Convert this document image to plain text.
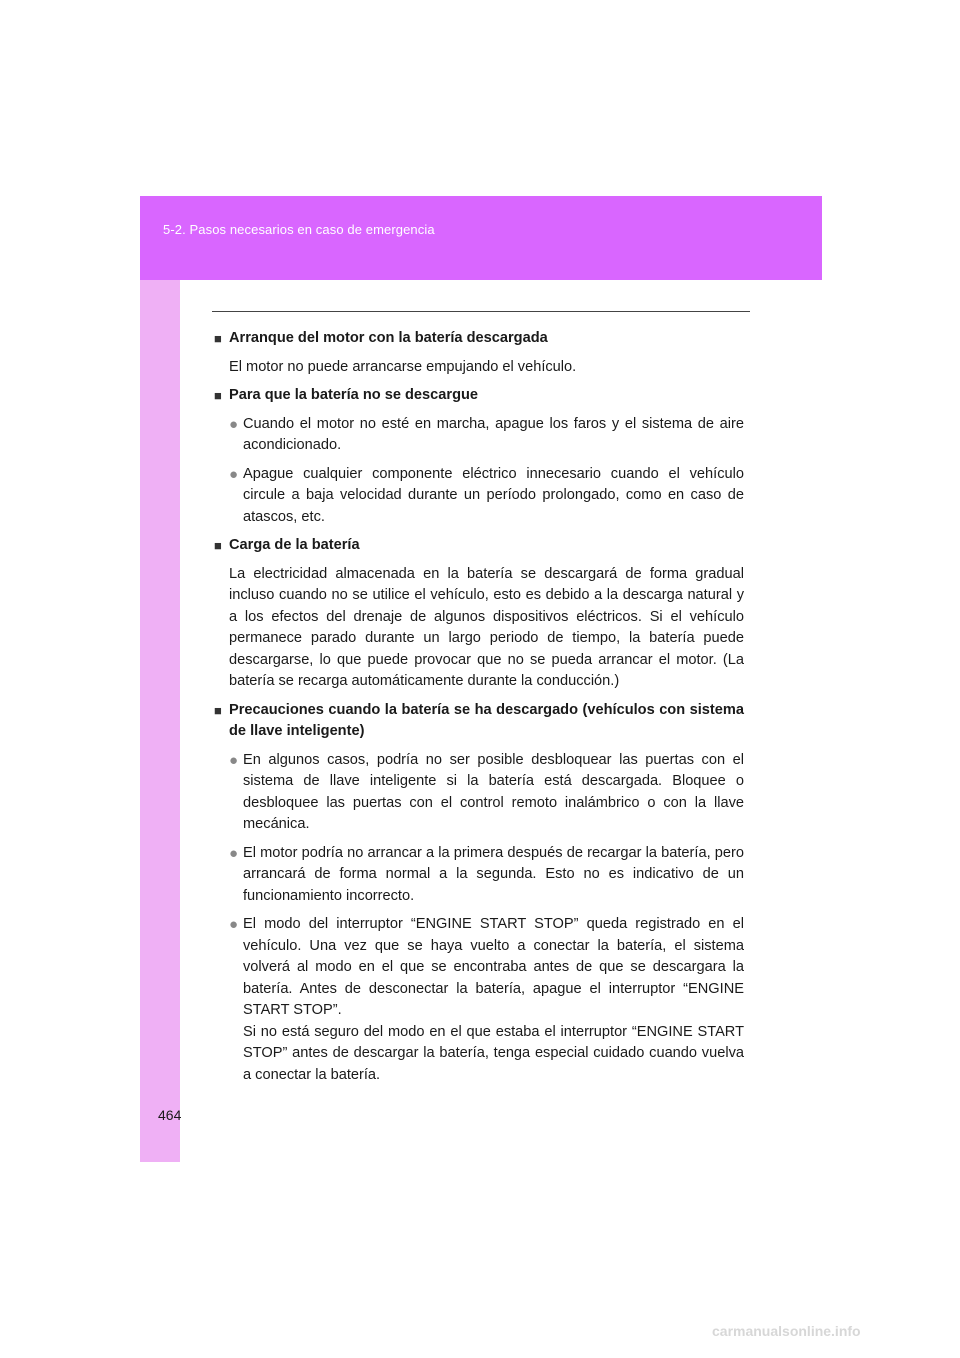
5-2. Pasos necesarios en caso de emergencia
■ Arranque del motor con la batería descargada
El motor no puede arrancarse empujando el vehículo.
■ Para que la batería no se descargue
● Cuando el motor no esté en marcha, apague los faros y el sistema de aire acondicionado.
● Apague cualquier componente eléctrico innecesario cuando el vehículo circule a baja velocidad durante un período prolongado, como en caso de atascos, etc.
■ Carga de la batería
La electricidad almacenada en la batería se descargará de forma gradual incluso cuando no se utilice el vehículo, esto es debido a la descarga natural y a los efectos del drenaje de algunos dispositivos eléctricos. Si el vehículo permanece parado durante un largo periodo de tiempo, la batería puede descargarse, lo que puede provocar que no se pueda arrancar el motor. (La batería se recarga automáticamente durante la conducción.)
■ Precauciones cuando la batería se ha descargado (vehículos con sistema de llave inteligente)
● En algunos casos, podría no ser posible desbloquear las puertas con el sistema de llave inteligente si la batería está descargada. Bloquee o desbloquee las puertas con el control remoto inalámbrico o con la llave mecánica.
● El motor podría no arrancar a la primera después de recargar la batería, pero arrancará de forma normal a la segunda. Esto no es indicativo de un funcionamiento incorrecto.
● El modo del interruptor “ENGINE START STOP” queda registrado en el vehículo. Una vez que se haya vuelto a conectar la batería, el sistema volverá al modo en el que se encontraba antes de que se descargara la batería. Antes de desconectar la batería, apague el interruptor “ENGINE START STOP”.
Si no está seguro del modo en el que estaba el interruptor “ENGINE START STOP” antes de descargar la batería, tenga especial cuidado cuando vuelva a conectar la batería.
464
carmanualsonline.info
